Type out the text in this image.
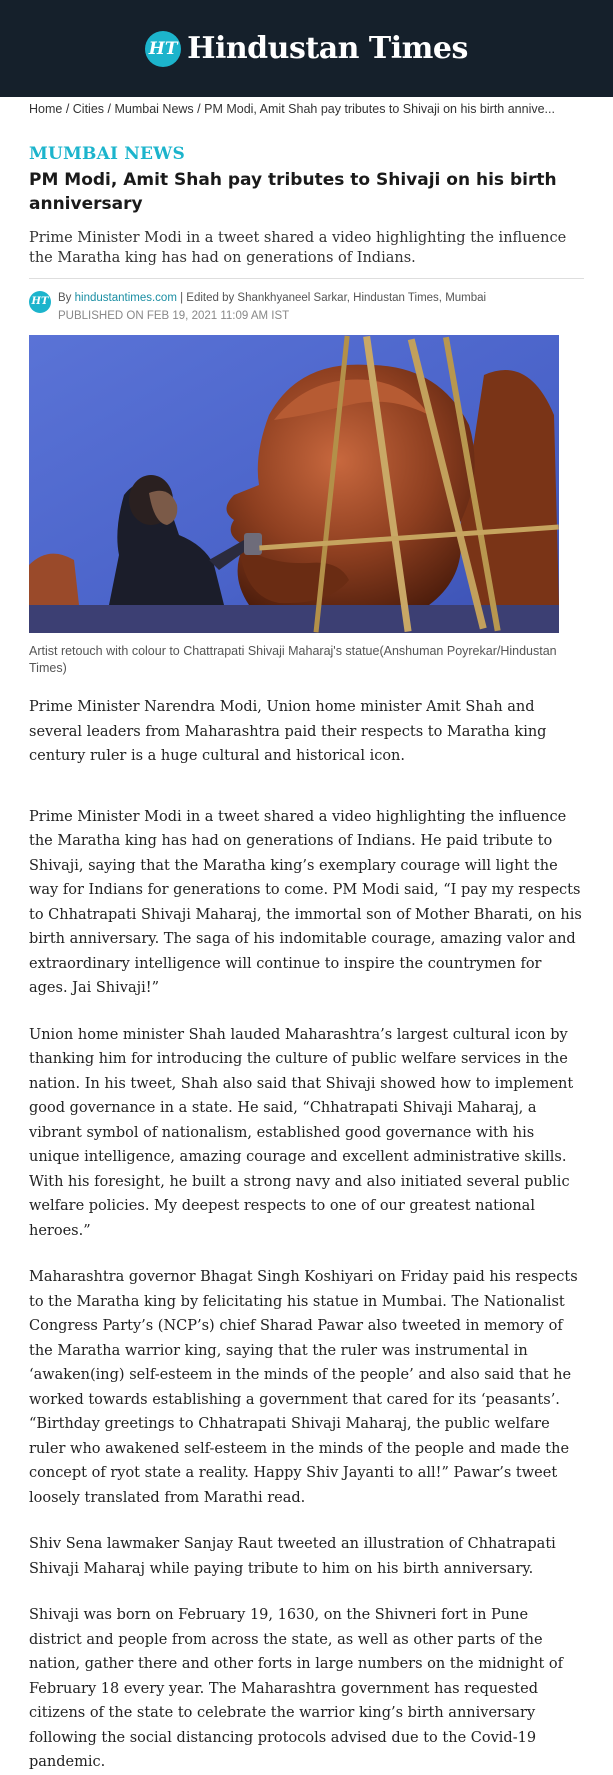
HT Hindustan Times
Home / Cities / Mumbai News / PM Modi, Amit Shah pay tributes to Shivaji on his birth annive...
MUMBAI NEWS
PM Modi, Amit Shah pay tributes to Shivaji on his birth anniversary
Prime Minister Modi in a tweet shared a video highlighting the influence the Maratha king has had on generations of Indians.
HT By hindustantimes.com | Edited by Shankhyaneel Sarkar, Hindustan Times, Mumbai
PUBLISHED ON FEB 19, 2021 11:09 AM IST
Artist retouch with colour to Chattrapati Shivaji Maharaj's statue(Anshuman Poyrekar/Hindustan Times)

Prime Minister Narendra Modi, Union home minister Amit Shah and several leaders from Maharashtra paid their respects to Maratha king century ruler is a huge cultural and historical icon.

Prime Minister Modi in a tweet shared a video highlighting the influence the Maratha king has had on generations of Indians. He paid tribute to Shivaji, saying that the Maratha king’s exemplary courage will light the way for Indians for generations to come. PM Modi said, “I pay my respects to Chhatrapati Shivaji Maharaj, the immortal son of Mother Bharati, on his birth anniversary. The saga of his indomitable courage, amazing valor and extraordinary intelligence will continue to inspire the countrymen for ages. Jai Shivaji!”

Union home minister Shah lauded Maharashtra’s largest cultural icon by thanking him for introducing the culture of public welfare services in the nation. In his tweet, Shah also said that Shivaji showed how to implement good governance in a state. He said, “Chhatrapati Shivaji Maharaj, a vibrant symbol of nationalism, established good governance with his unique intelligence, amazing courage and excellent administrative skills. With his foresight, he built a strong navy and also initiated several public welfare policies. My deepest respects to one of our greatest national heroes.”

Maharashtra governor Bhagat Singh Koshiyari on Friday paid his respects to the Maratha king by felicitating his statue in Mumbai. The Nationalist Congress Party’s (NCP’s) chief Sharad Pawar also tweeted in memory of the Maratha warrior king, saying that the ruler was instrumental in ‘awaken(ing) self-esteem in the minds of the people’ and also said that he worked towards establishing a government that cared for its ‘peasants’. “Birthday greetings to Chhatrapati Shivaji Maharaj, the public welfare ruler who awakened self-esteem in the minds of the people and made the concept of ryot state a reality. Happy Shiv Jayanti to all!” Pawar’s tweet loosely translated from Marathi read.

Shiv Sena lawmaker Sanjay Raut tweeted an illustration of Chhatrapati Shivaji Maharaj while paying tribute to him on his birth anniversary.

Shivaji was born on February 19, 1630, on the Shivneri fort in Pune district and people from across the state, as well as other parts of the nation, gather there and other forts in large numbers on the midnight of February 18 every year. The Maharashtra government has requested citizens of the state to celebrate the warrior king’s birth anniversary following the social distancing protocols advised due to the Covid-19 pandemic.
